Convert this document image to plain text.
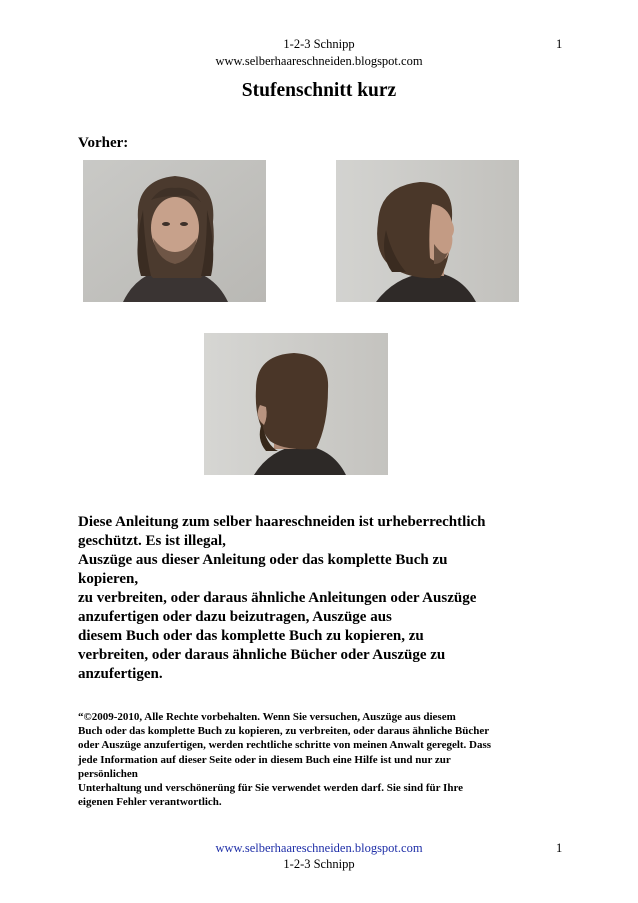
1-2-3 Schnipp
www.selberhaareschneiden.blogspot.com
1
Stufenschnitt kurz
Vorher:
Diese Anleitung zum selber haareschneiden ist urheberrechtlich
geschützt. Es ist illegal,
Auszüge aus dieser Anleitung oder das komplette Buch zu
kopieren,
zu verbreiten, oder daraus ähnliche Anleitungen oder Auszüge
anzufertigen oder dazu beizutragen, Auszüge aus
diesem Buch oder das komplette Buch zu kopieren, zu
verbreiten, oder daraus ähnliche Bücher oder Auszüge zu
anzufertigen.
“©2009-2010, Alle Rechte vorbehalten. Wenn Sie versuchen, Auszüge aus diesem
Buch oder das komplette Buch zu kopieren, zu verbreiten, oder daraus ähnliche Bücher
oder Auszüge anzufertigen, werden rechtliche schritte von meinen Anwalt geregelt. Dass
jede Information auf dieser Seite oder in diesem Buch eine Hilfe ist und nur zur
persönlichen
Unterhaltung und verschönerüng für Sie verwendet werden darf. Sie sind für Ihre
eigenen Fehler verantwortlich.
www.selberhaareschneiden.blogspot.com
1-2-3 Schnipp
1
